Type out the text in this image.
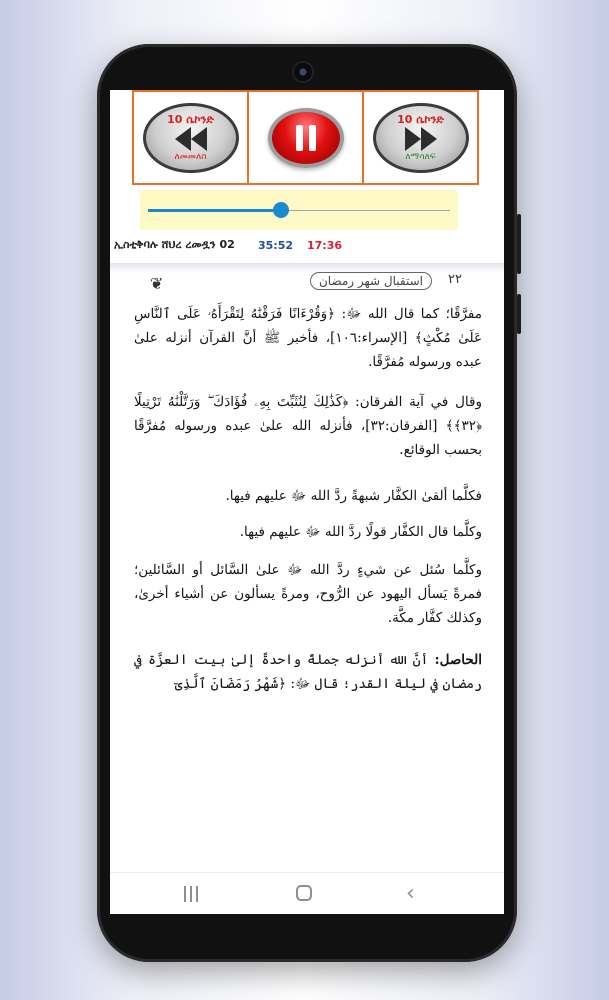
10 ሴኮንድ
ለመመለስ
10 ሴኮንድ
ለማሳለፍ
ኢስቲቅባሉ ሸህረ ረመዷን 02 35:52 17:36
٢٢
استقبال شهر رمضان
❦

مفرَّقًا؛ كما قال الله ﷻ: ﴿وَقُرْءَانًا فَرَقْنَٰهُ لِتَقْرَأَهُۥ عَلَى ٱلنَّاسِ عَلَىٰ مُكْثٍ﴾ [الإسراء:١٠٦]، فأخبر ﷺ أنَّ القرآن أنزله علىٰ عبده ورسوله مُفرَّقًا.

وقال في آية الفرقان: ﴿كَذَٰلِكَ لِنُثَبِّتَ بِهِۦ فُؤَادَكَ ۖ وَرَتَّلْنَٰهُ تَرْتِيلًا ﴿٣٢﴾﴾ [الفرقان:٣٢]، فأنزله الله علىٰ عبده ورسوله مُفرَّقًا بحسب الوقائع.

فكلَّما ألقىٰ الكفَّار شبهةً ردَّ الله ﷻ عليهم فيها.

وكلَّما قال الكفَّار قولًا ردَّ الله ﷻ عليهم فيها.

وكلَّما سُئل عن شيءٍ ردَّ الله ﷻ علىٰ السَّائل أو السَّائلين؛ فمرةً يَسأل اليهود عن الرُّوح، ومرةً يسألون عن أشياء أخرىٰ، وكذلك كفَّار مكَّة.

الحاصل: أنَّ الله أنزله جملةً واحدةً إلىٰ بيت العزَّة في رمضان في ليلة القدر؛ قال ﷻ: ﴿شَهْرُ رَمَضَانَ ٱلَّذِىٓ

‹
